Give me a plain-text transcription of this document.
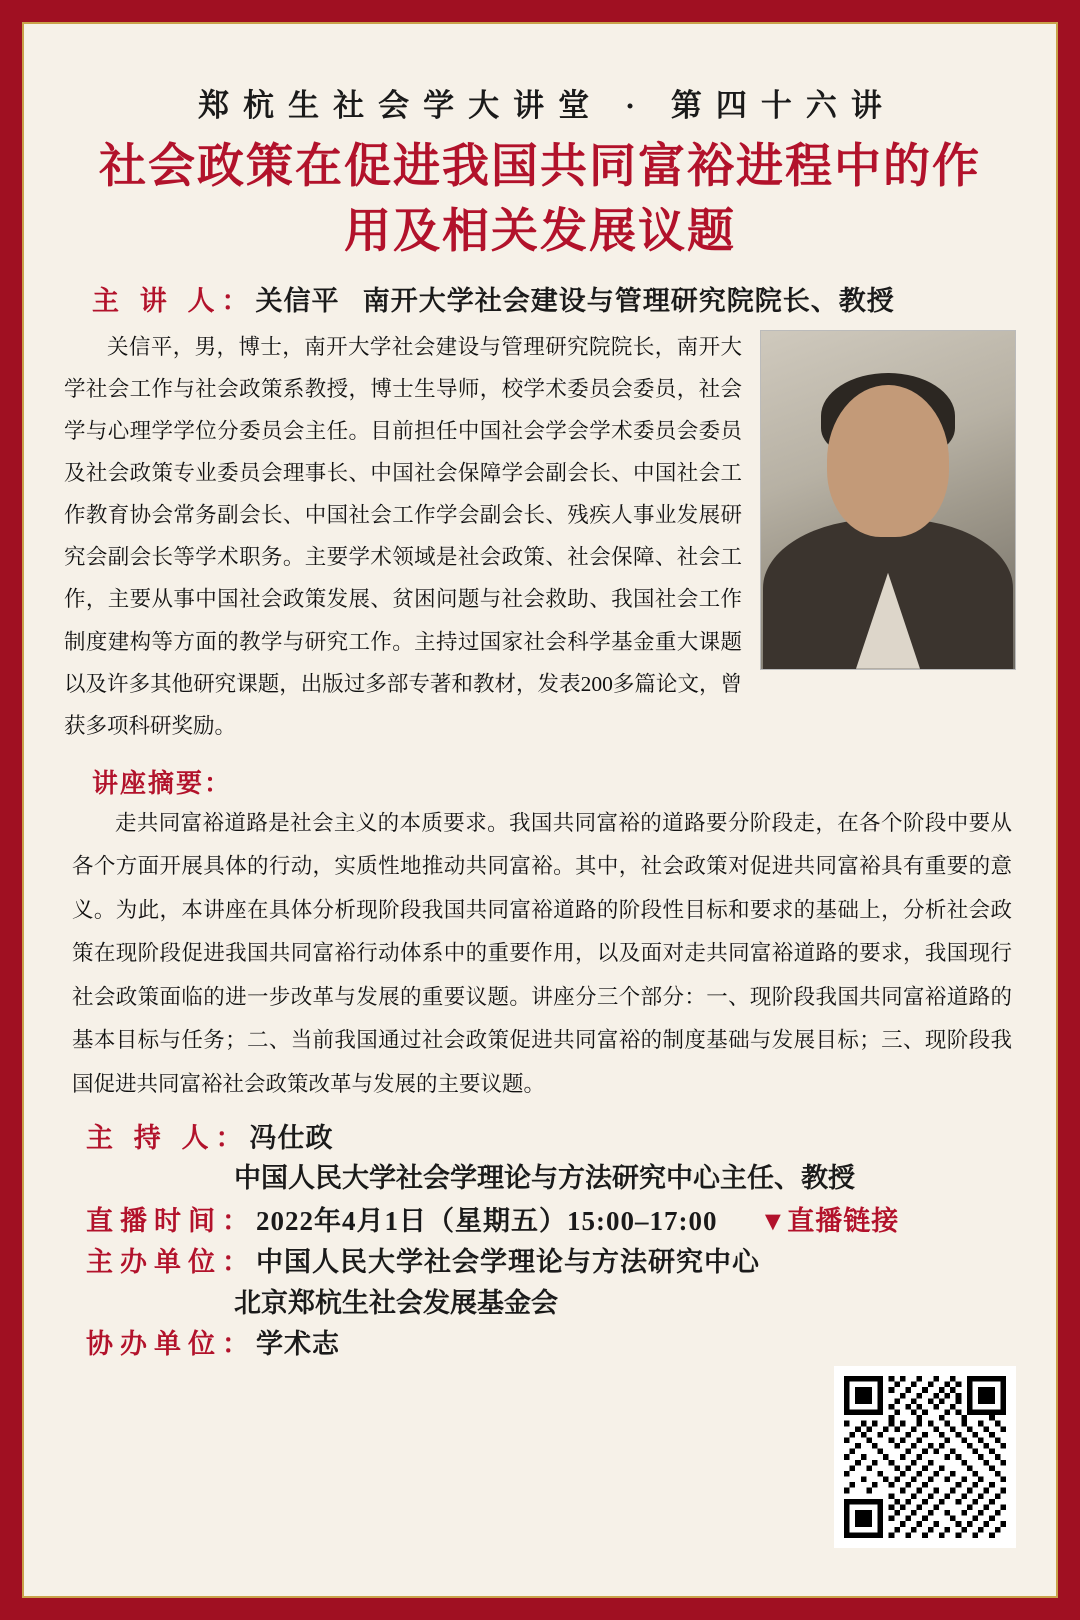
郑杭生社会学大讲堂 · 第四十六讲
社会政策在促进我国共同富裕进程中的作用及相关发展议题
主 讲 人：关信平 南开大学社会建设与管理研究院院长、教授
关信平，男，博士，南开大学社会建设与管理研究院院长，南开大学社会工作与社会政策系教授，博士生导师，校学术委员会委员，社会学与心理学学位分委员会主任。目前担任中国社会学会学术委员会委员及社会政策专业委员会理事长、中国社会保障学会副会长、中国社会工作教育协会常务副会长、中国社会工作学会副会长、残疾人事业发展研究会副会长等学术职务。主要学术领域是社会政策、社会保障、社会工作，主要从事中国社会政策发展、贫困问题与社会救助、我国社会工作制度建构等方面的教学与研究工作。主持过国家社会科学基金重大课题以及许多其他研究课题，出版过多部专著和教材，发表200多篇论文，曾获多项科研奖励。
讲座摘要：
走共同富裕道路是社会主义的本质要求。我国共同富裕的道路要分阶段走，在各个阶段中要从各个方面开展具体的行动，实质性地推动共同富裕。其中，社会政策对促进共同富裕具有重要的意义。为此，本讲座在具体分析现阶段我国共同富裕道路的阶段性目标和要求的基础上，分析社会政策在现阶段促进我国共同富裕行动体系中的重要作用，以及面对走共同富裕道路的要求，我国现行社会政策面临的进一步改革与发展的重要议题。讲座分三个部分：一、现阶段我国共同富裕道路的基本目标与任务；二、当前我国通过社会政策促进共同富裕的制度基础与发展目标；三、现阶段我国促进共同富裕社会政策改革与发展的主要议题。
主 持 人：冯仕政
中国人民大学社会学理论与方法研究中心主任、教授
直播时间：2022年4月1日（星期五）15:00–17:00 ▼直播链接
主办单位：中国人民大学社会学理论与方法研究中心
北京郑杭生社会发展基金会
协办单位：学术志
